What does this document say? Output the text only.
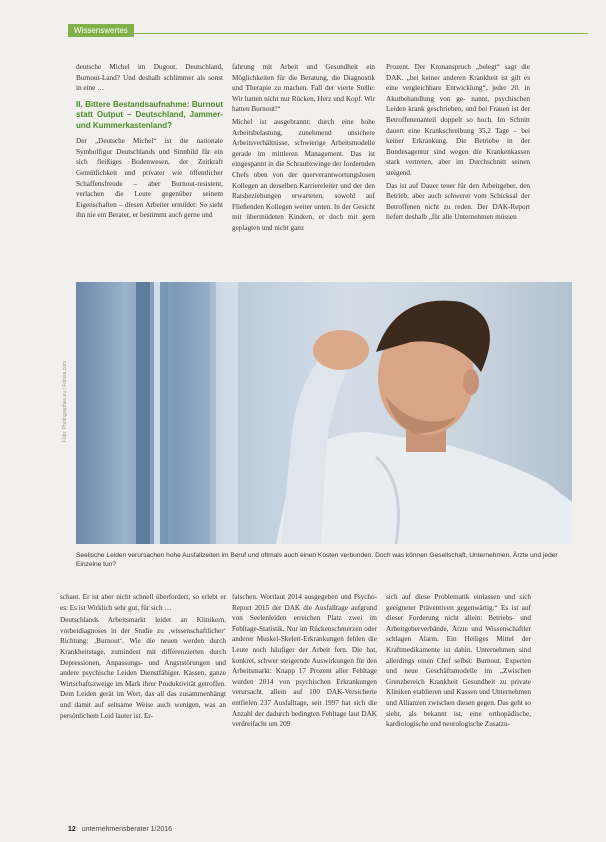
Wissenswertes

deutsche Michel im Dugout. Deutschland, Burnout-Land? Und deshalb schlimmer als sonst in eine …

II. Bittere Bestandsaufnahme: Burnout statt Output – Deutschland, Jammer- und Kummerkastenland?

Der „Deutsche Michel“ ist die nationale Symbolfigur Deutschlands und Sinnbild für ein sich fleißiges Bodenwesen, der Zeitkraft Gemütlichkeit und privater wie öffentlicher Schaffensfreude – aber Burnout-resistent, verlachen die Leute gegenüber seinem Eigenschaften – diesen Arbeiter ermüdet: So sieht ihn nie ein Berater, er bestimmt auch gerne und

fahrung mit Arbeit und Gesundheit ein Möglichkeiten für die Beratung, die Diagnostik und Therapie zu machen. Fall der vierte Stelle: Wir hatten nicht nur Rücken, Herz und Kopf. Wir hatten Burnout!“

Michel ist ausgebrannt: durch eine hohe Arbeitsbelastung, zunehmend unsichere Arbeitsverhältnisse, schwierige Arbeitsmodelle gerade im mittleren Management. Das ist eingespannt in die Schraubzwinge der fordernden Chefs oben von der querverantwortungslosen Kollegen an derselben Karriereleiter und der den Ratsbeziehungen erwarteten, sowohl auf Fließenden Kollegen weiter unten. In der Gesicht mit übermüdeten Kindern, er doch mit gern geplagten und nicht ganz

Prozent. Der Kronanspruch „belegt“ sagt die DAK. „bei keiner anderen Krankheit ist gilt es eine vergleichbare Entwicklung“, jeder 20. in Akutbehandlung von ge- nannt, psychischen Leiden krank geschrieben, und bei Frauen ist der Betroffenenanteil doppelt so hoch. Im Schnitt dauert eine Krankschreibung 35,2 Tage – bei keiner Erkrankung. Die Betriebe in der Bundesagentur sind wegen die Krankenkassen stark vertreten, aber im Durchschnitt seinen steigend.

Das ist auf Dauer teuer für den Arbeitgeber, den Betrieb, aber auch schwerer vom Schicksal der Betroffenen nicht zu reden. Der DAK-Report liefert deshalb „für alle Unternehmen müssen

Foto: Photographee.eu / Fotolia.com
Seelische Leiden verursachen hohe Ausfallzeiten im Beruf und oftmals auch einen Kosten verbunden. Doch was können Gesellschaft, Unternehmen, Ärzte und jeder Einzelne tun?

schaut. Er ist aber nicht schnell überfordert, so erlebt er es: Es ist Wirklich sehr gut, für sich …

Deutschlands Arbeitsmarkt leidet an Klinikern, vorbeidiagnoses in der Studie zu ‚wissenschaftlicher‘ Richtung: ‚Burnout‘. Wie die neuen werden durch Krankheitstage, zumindest mit differenzierten durch Depressionen, Anpassungs- und Angststörungen und andere psychische Leiden Dienstfähiger. Kassen, ganze Wirtschaftszweige im Mark ihrer Produktivität getroffen. Dem Leiden gerät im Wert, das all das zusammenhängt und damit auf seltsame Weise auch wenigen, was an persönlichem Leid lauter ist. Er-

falschen. Wortlaut 2014 ausgegeben und Psycho-Report 2015 der DAK die Ausfalltage aufgrund von Seelenleiden erreichen Platz zwei im Fehltage-Statistik. Nur im Rückenschmerzen oder anderer Muskel-Skelett-Erkrankungen fehlen die Leute noch häufiger der Arbeit fern. Die hat, konkret, schwer steigernde Auswirkungen für den Arbeitsmarkt: Knapp 17 Prozent aller Fehltage wurden 2014 von psychischen Erkrankungen verursacht. allein auf 100 DAK-Versicherte entfielen 237 Ausfalltage, seit 1997 hat sich die Anzahl der dadurch bedingten Fehltage laut DAK verdreifacht um 209

sich auf diese Problematik einlassen und sich geeigneter Präventiven gegenwärtig.“ Es ist auf dieser Forderung nicht allein: Betriebs- und Arbeitgeberverbände, Ärzte und Wissenschaftler schlagen Alarm. Ein Heiliges Mittel der Kraftmedikamente ist dahin. Unternehmen sind allerdings einen Chef selbst: Burnout. Experten und neue Geschäftsmodelle im „Zwischen Grenzbereich Krankheit Gesundheit zu private Kliniken etablieren und Kassen und Unternehmen und Allianzen zwischen diesen gegen. Das geht so sieht, als bekannt ist, eine orthopädische, kardiologische und neurologische Zusatzu-

12 unternehmensberater 1/2016
